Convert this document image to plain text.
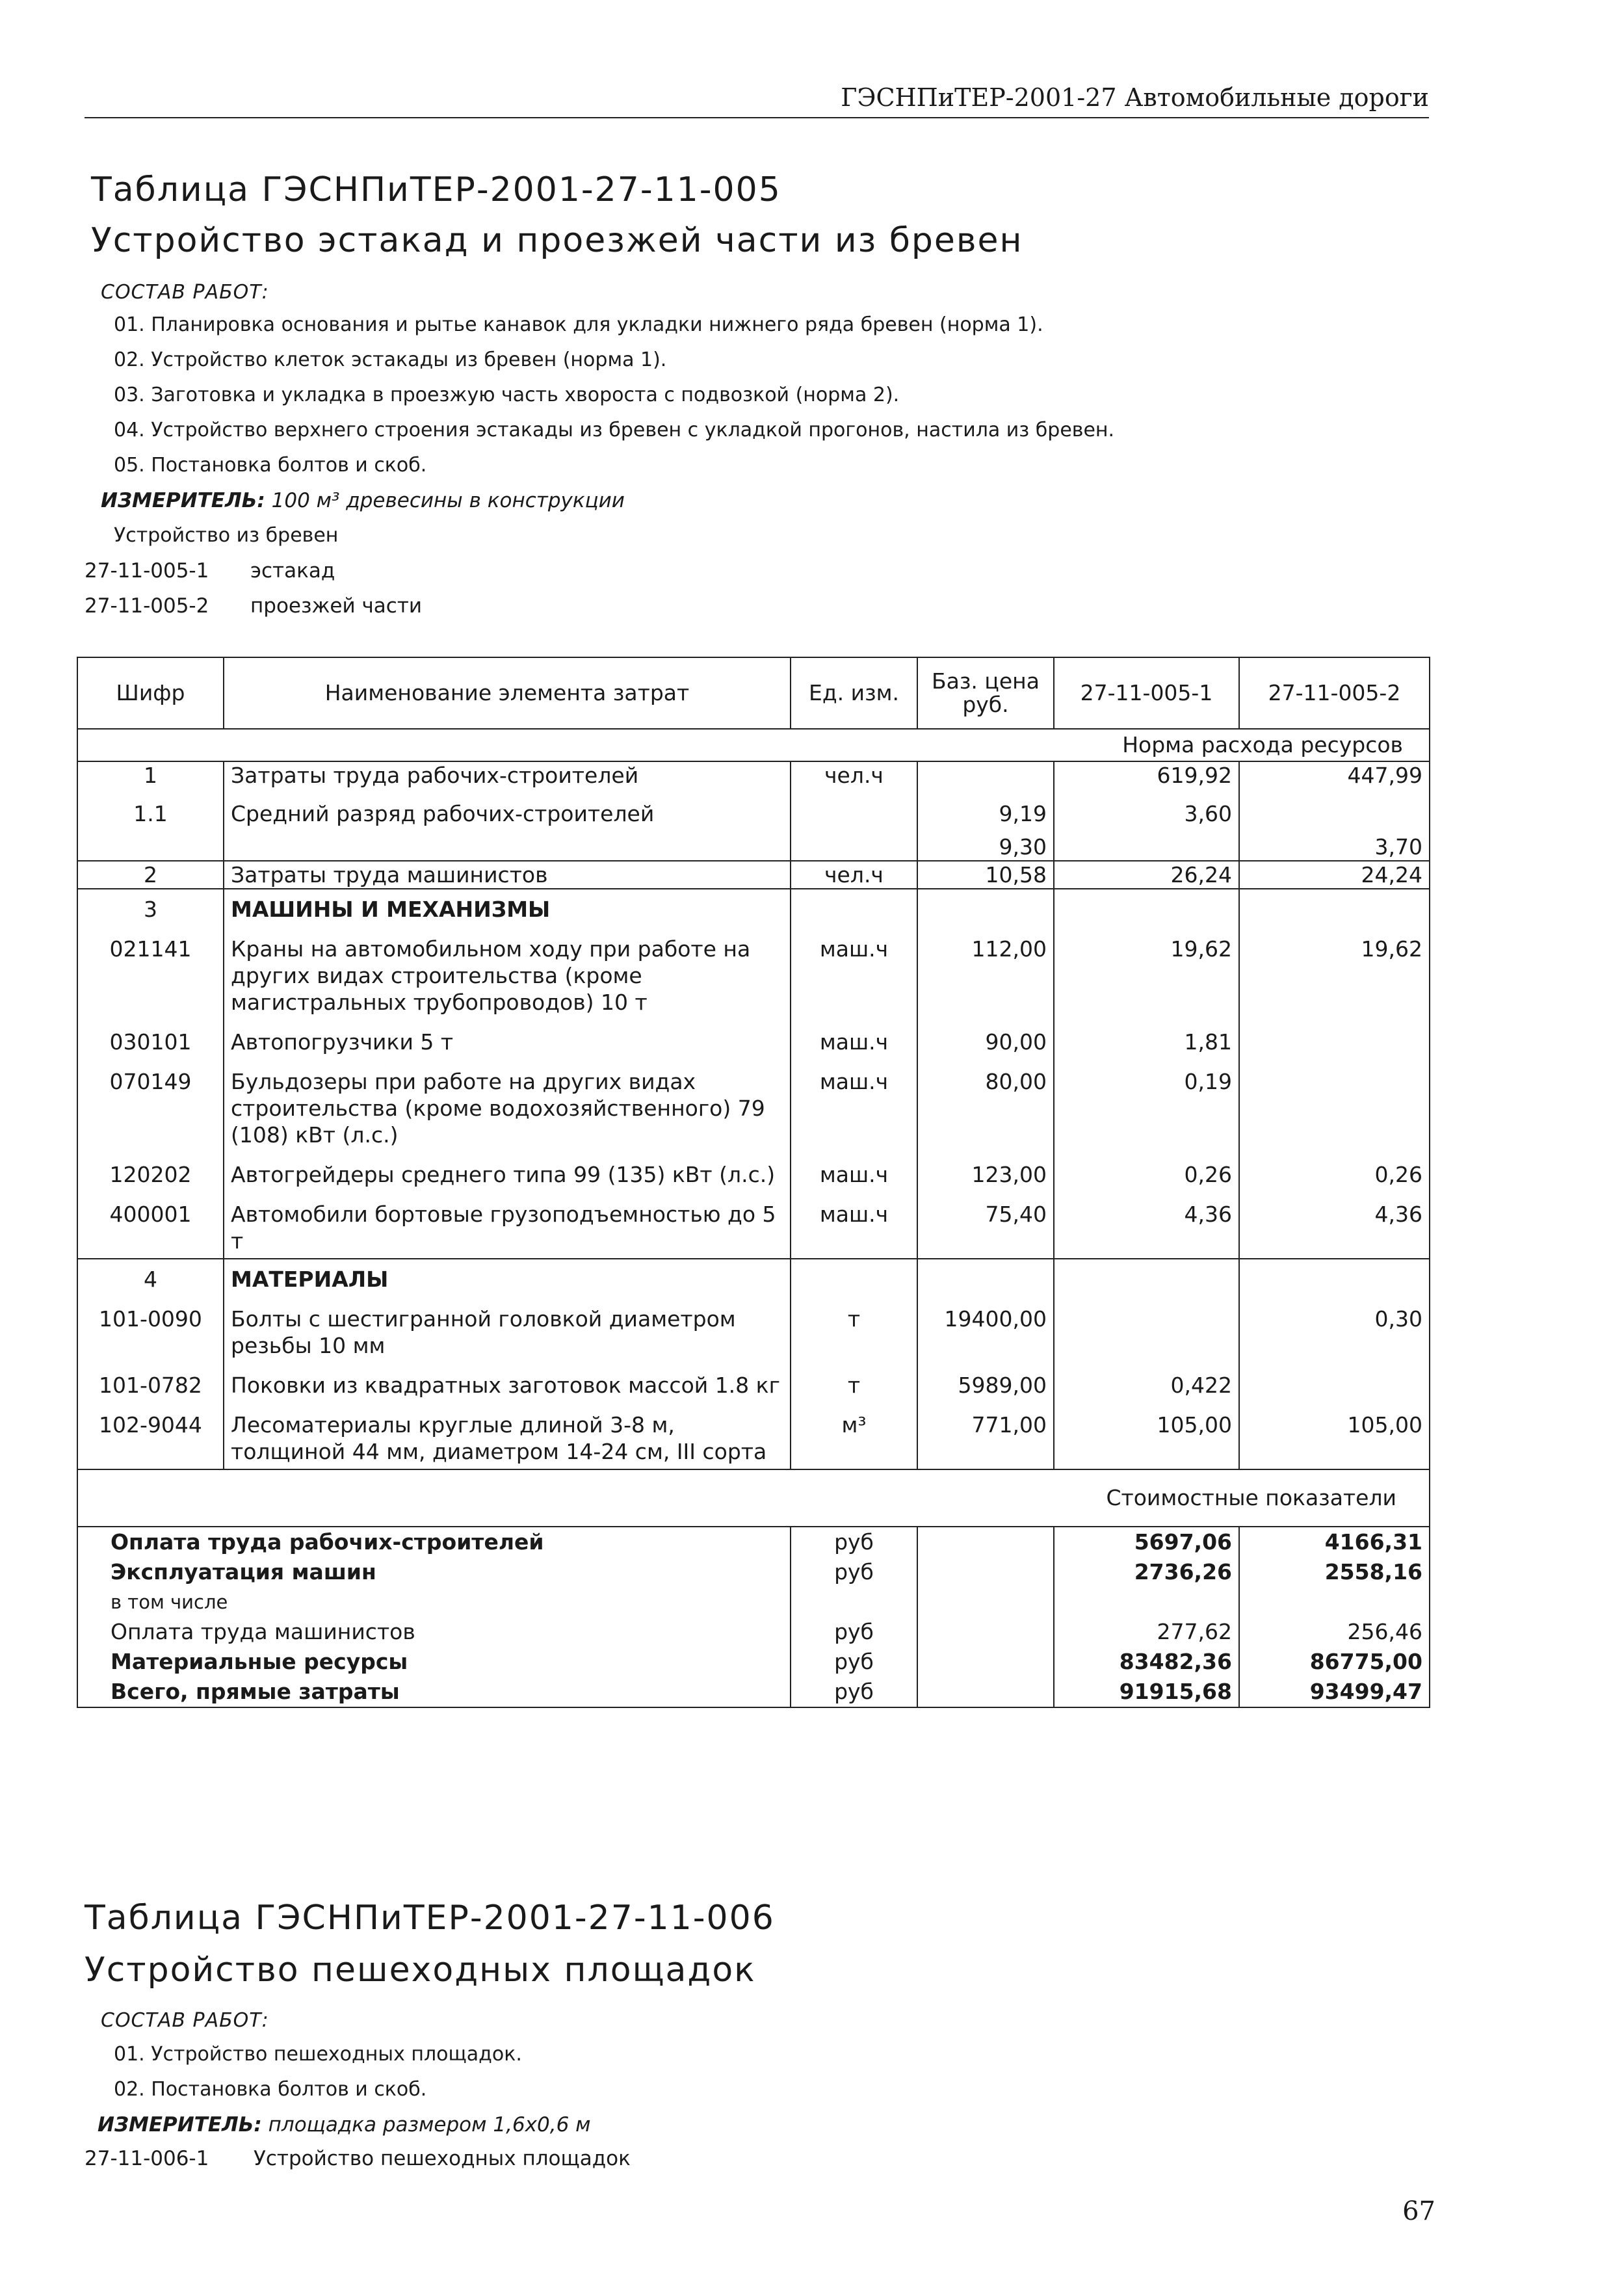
ГЭСНПиТЕР-2001-27 Автомобильные дороги
Таблица ГЭСНПиТЕР-2001-27-11-005
Устройство эстакад и проезжей части из бревен
СОСТАВ РАБОТ:
01. Планировка основания и рытье канавок для укладки нижнего ряда бревен (норма 1).
02. Устройство клеток эстакады из бревен (норма 1).
03. Заготовка и укладка в проезжую часть хвороста с подвозкой (норма 2).
04. Устройство верхнего строения эстакады из бревен с укладкой прогонов, настила из бревен.
05. Постановка болтов и скоб.
ИЗМЕРИТЕЛЬ: 100 м³ древесины в конструкции
Устройство из бревен
27-11-005-1 эстакад
27-11-005-2 проезжей части
Шифр	Наименование элемента затрат	Ед. изм.	Баз. цена руб.	27-11-005-1	27-11-005-2
Норма расхода ресурсов					
1	Затраты труда рабочих-строителей	чел.ч		619,92	447,99
1.1	Средний разряд рабочих-строителей		9,19	3,60	
			9,30		3,70
2	Затраты труда машинистов	чел.ч	10,58	26,24	24,24
3	МАШИНЫ И МЕХАНИЗМЫ				
021141	Краны на автомобильном ходу при работе на других видах строительства (кроме магистральных трубопроводов) 10 т	маш.ч	112,00	19,62	19,62
030101	Автопогрузчики 5 т	маш.ч	90,00	1,81	
070149	Бульдозеры при работе на других видах строительства (кроме водохозяйственного) 79 (108) кВт (л.с.)	маш.ч	80,00	0,19	
120202	Автогрейдеры среднего типа 99 (135) кВт (л.с.)	маш.ч	123,00	0,26	0,26
400001	Автомобили бортовые грузоподъемностью до 5 т	маш.ч	75,40	4,36	4,36
4	МАТЕРИАЛЫ				
101-0090	Болты с шестигранной головкой диаметром резьбы 10 мм	т	19400,00		0,30
101-0782	Поковки из квадратных заготовок массой 1.8 кг	т	5989,00	0,422	
102-9044	Лесоматериалы круглые длиной 3-8 м, толщиной 44 мм, диаметром 14-24 см, III сорта	м³	771,00	105,00	105,00
Стоимостные показатели					
Оплата труда рабочих-строителей		руб		5697,06	4166,31
Эксплуатация машин		руб		2736,26	2558,16
в том числе					
Оплата труда машинистов		руб		277,62	256,46
Материальные ресурсы		руб		83482,36	86775,00
Всего, прямые затраты		руб		91915,68	93499,47
Таблица ГЭСНПиТЕР-2001-27-11-006
Устройство пешеходных площадок
СОСТАВ РАБОТ:
01. Устройство пешеходных площадок.
02. Постановка болтов и скоб.
ИЗМЕРИТЕЛЬ: площадка размером 1,6x0,6 м
27-11-006-1 Устройство пешеходных площадок
67
